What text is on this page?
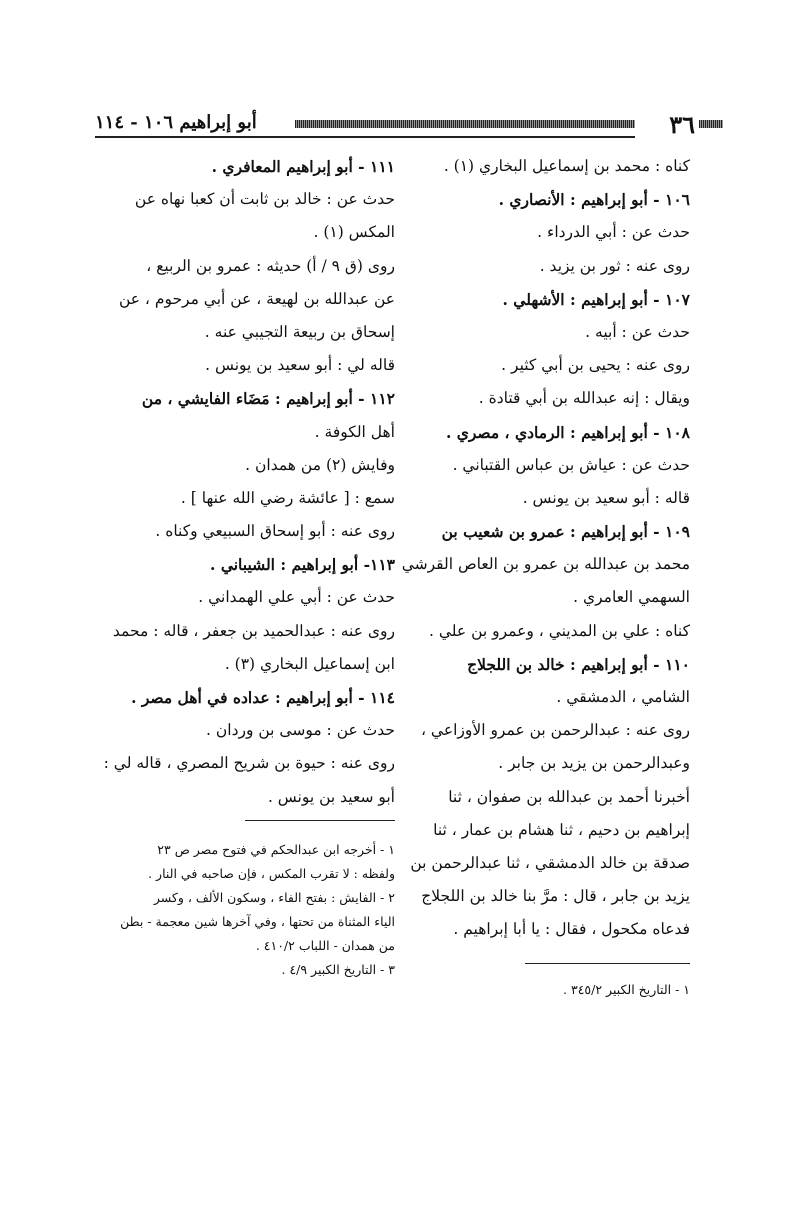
٣٦
أبو إبراهيم ١٠٦ - ١١٤
كناه : محمد بن إسماعيل البخاري (١) .
١٠٦ - أبو إبراهيم : الأنصاري .
حدث عن : أبي الدرداء .
روى عنه : ثور بن يزيد .
١٠٧ - أبو إبراهيم : الأشهلي .
حدث عن : أبيه .
روى عنه : يحيى بن أبي كثير .
ويقال : إنه عبدالله بن أبي قتادة .
١٠٨ - أبو إبراهيم : الرمادي ، مصري .
حدث عن : عياش بن عباس القتباني .
قاله : أبو سعيد بن يونس .
١٠٩ - أبو إبراهيم : عمرو بن شعيب بن
محمد بن عبدالله بن عمرو بن العاص القرشي
السهمي العامري .
كناه : علي بن المديني ، وعمرو بن علي .
١١٠ - أبو إبراهيم : خالد بن اللجلاج
الشامي ، الدمشقي .
روى عنه : عبدالرحمن بن عمرو الأوزاعي ،
وعبدالرحمن بن يزيد بن جابر .
أخبرنا أحمد بن عبدالله بن صفوان ، ثنا
إبراهيم بن دحيم ، ثنا هشام بن عمار ، ثنا
صدقة بن خالد الدمشقي ، ثنا عبدالرحمن بن
يزيد بن جابر ، قال : مرَّ بنا خالد بن اللجلاج
فدعاه مكحول ، فقال : يا أبا إبراهيم .
١١١ - أبو إبراهيم المعافري .
حدث عن : خالد بن ثابت أن كعبا نهاه عن
المكس (١) .
روى (ق ٩ / أ) حديثه : عمرو بن الربيع ،
عن عبدالله بن لهيعة ، عن أبي مرحوم ، عن
إسحاق بن ربيعة التجيبي عنه .
قاله لي : أبو سعيد بن يونس .
١١٢ - أبو إبراهيم : مَضَاء الفايشي ، من
أهل الكوفة .
وفايش (٢) من همدان .
سمع : [ عائشة رضي الله عنها ] .
روى عنه : أبو إسحاق السبيعي وكناه .
١١٣- أبو إبراهيم : الشيباني .
حدث عن : أبي علي الهمداني .
روى عنه : عبدالحميد بن جعفر ، قاله : محمد
ابن إسماعيل البخاري (٣) .
١١٤ - أبو إبراهيم : عداده في أهل مصر .
حدث عن : موسى بن وردان .
روى عنه : حيوة بن شريح المصري ، قاله لي :
أبو سعيد بن يونس .
١ - التاريخ الكبير ٣٤٥/٢ .
١ - أخرجه ابن عبدالحكم في فتوح مصر ص ٢٣
ولفظه : لا تقرب المكس ، فإن صاحبه في النار .
٢ - الفايش : بفتح الفاء ، وسكون الألف ، وكسر
الياء المثناة من تحتها ، وفي آخرها شين معجمة - بطن
من همدان - اللباب ٤١٠/٢ .
٣ - التاريخ الكبير ٤/٩ .
